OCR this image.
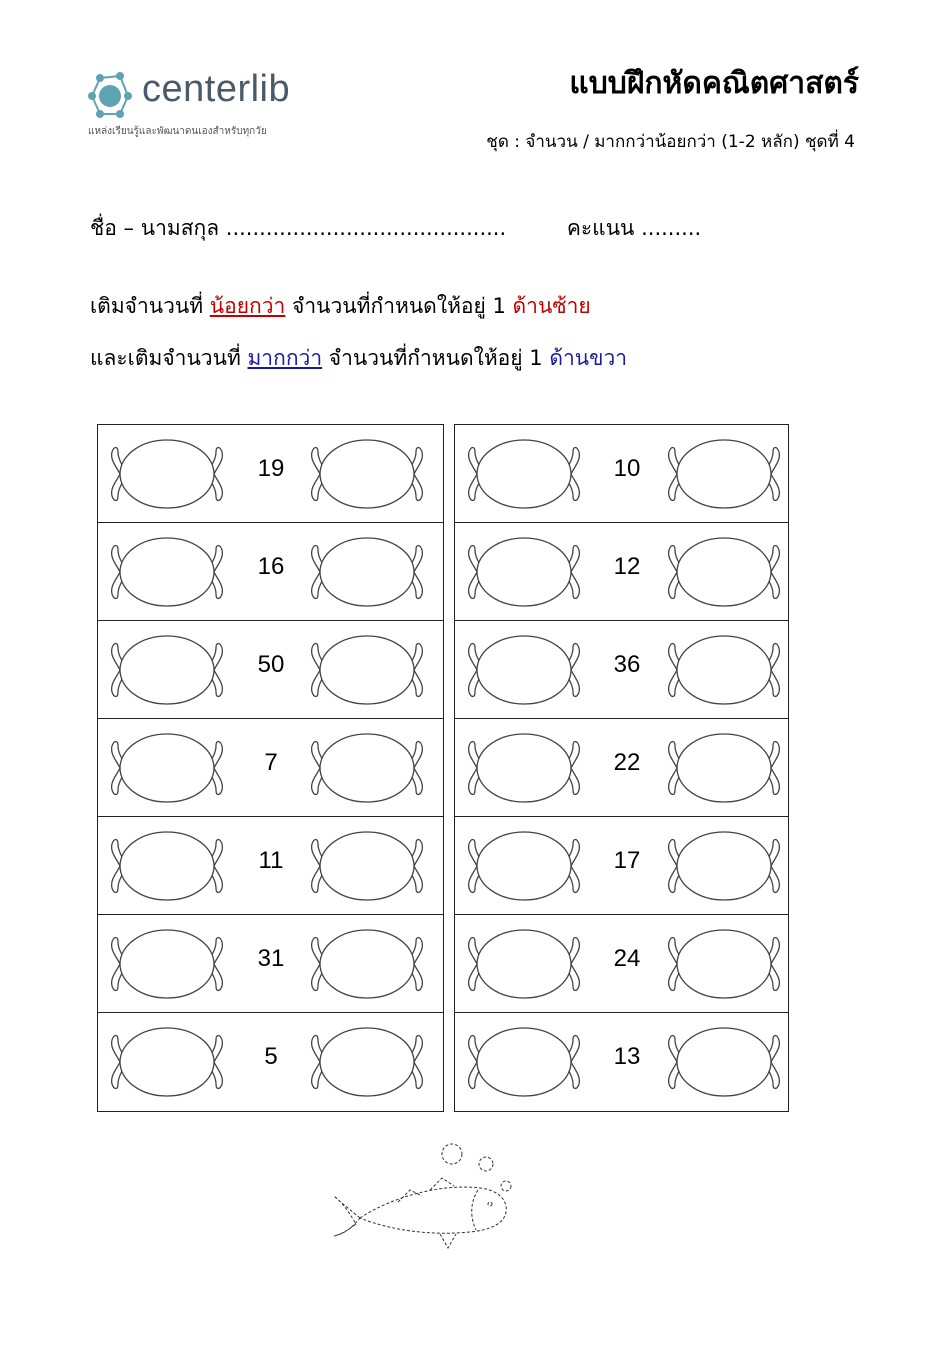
centerlib
แหล่งเรียนรู้และพัฒนาตนเองสำหรับทุกวัย
แบบฝึกหัดคณิตศาสตร์
ชุด : จำนวน / มากกว่าน้อยกว่า (1-2 หลัก) ชุดที่ 4
ชื่อ – นามสกุล ..........................................	คะแนน .........
เติมจำนวนที่ น้อยกว่า จำนวนที่กำหนดให้อยู่ 1 ด้านซ้าย
และเติมจำนวนที่ มากกว่า จำนวนที่กำหนดให้อยู่ 1 ด้านขวา
19
16
50
7
11
31
5
10
12
36
22
17
24
13
